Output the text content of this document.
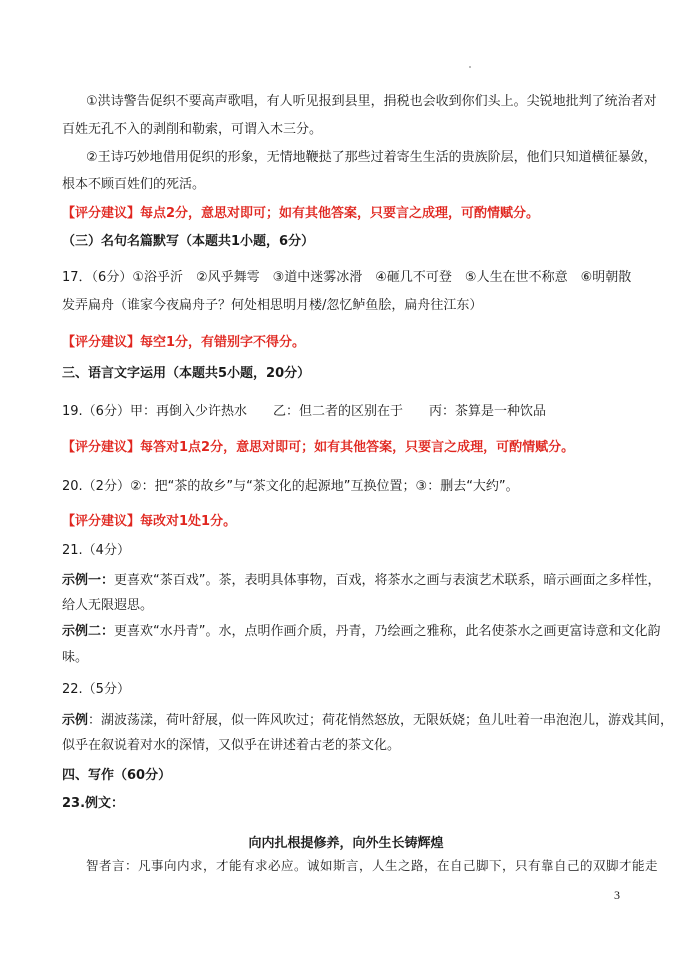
①洪诗警告促织不要高声歌唱，有人听见报到县里，捐税也会收到你们头上。尖锐地批判了统治者对

百姓无孔不入的剥削和勒索，可谓入木三分。

②王诗巧妙地借用促织的形象，无情地鞭挞了那些过着寄生生活的贵族阶层，他们只知道横征暴敛，

根本不顾百姓们的死活。

【评分建议】每点2分，意思对即可；如有其他答案，只要言之成理，可酌情赋分。

（三）名句名篇默写（本题共1小题，6分）

17．（6分）①浴乎沂　②风乎舞雩　③道中迷雾冰滑　④砸几不可登　⑤人生在世不称意　⑥明朝散

发弄扁舟（谁家今夜扁舟子？何处相思明月楼/忽忆鲈鱼脍，扁舟往江东）

【评分建议】每空1分，有错别字不得分。

三、语言文字运用（本题共5小题，20分）

19.（6分）甲：再倒入少许热水　　乙：但二者的区别在于　　丙：茶算是一种饮品

【评分建议】每答对1点2分，意思对即可；如有其他答案，只要言之成理，可酌情赋分。

20.（2分）②：把“茶的故乡”与“茶文化的起源地”互换位置；③：删去“大约”。

【评分建议】每改对1处1分。

21.（4分）

示例一：更喜欢“茶百戏”。茶，表明具体事物，百戏，将茶水之画与表演艺术联系，暗示画面之多样性，

给人无限遐思。

示例二：更喜欢“水丹青”。水，点明作画介质，丹青，乃绘画之雅称，此名使茶水之画更富诗意和文化韵

味。

22.（5分）

示例：湖波荡漾，荷叶舒展，似一阵风吹过；荷花悄然怒放，无限妖娆；鱼儿吐着一串泡泡儿，游戏其间，

似乎在叙说着对水的深情，又似乎在讲述着古老的茶文化。

四、写作（60分）

23.例文：

向内扎根提修养，向外生长铸辉煌

智者言：凡事向内求，才能有求必应。诚如斯言，人生之路，在自己脚下，只有靠自己的双脚才能走

3
